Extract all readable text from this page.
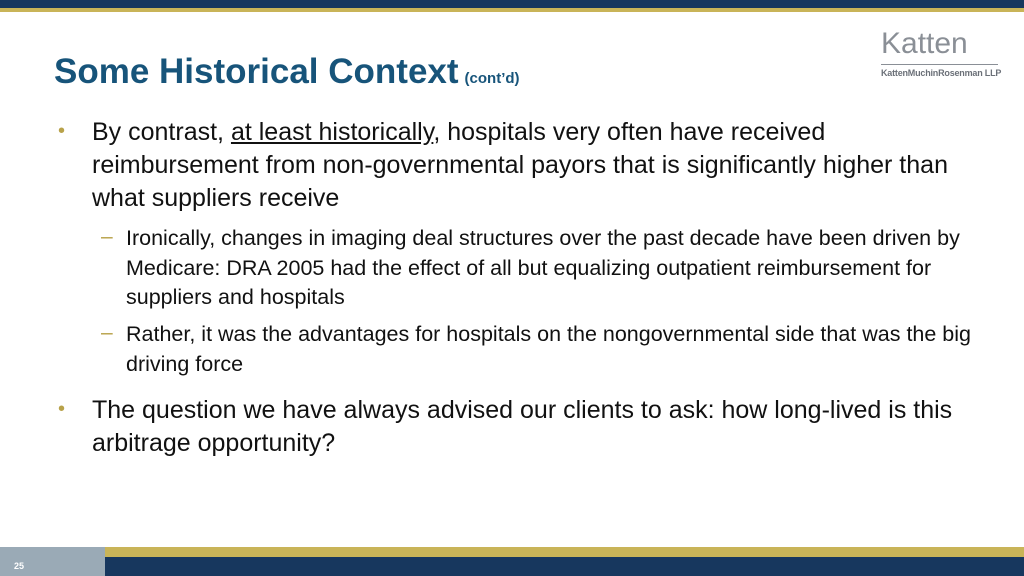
Some Historical Context (cont’d)
Katten
KattenMuchinRosenman LLP
• By contrast, at least historically, hospitals very often have received reimbursement from non-governmental payors that is significantly higher than what suppliers receive
– Ironically, changes in imaging deal structures over the past decade have been driven by Medicare: DRA 2005 had the effect of all but equalizing outpatient reimbursement for suppliers and hospitals
– Rather, it was the advantages for hospitals on the nongovernmental side that was the big driving force
• The question we have always advised our clients to ask: how long-lived is this arbitrage opportunity?
25
